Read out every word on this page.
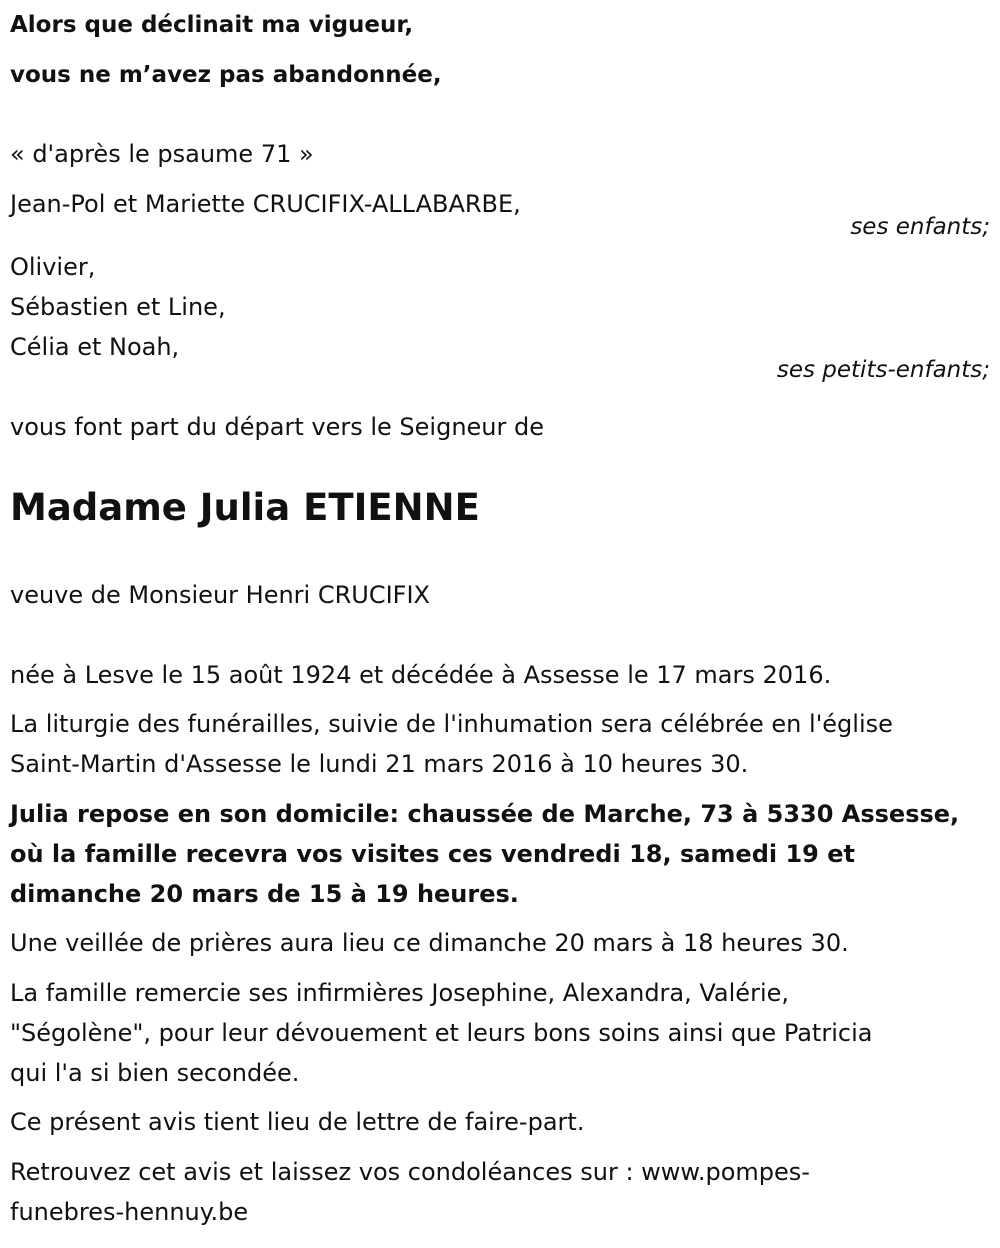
Alors que déclinait ma vigueur,
vous ne m’avez pas abandonnée,
« d'après le psaume 71 »
Jean-Pol et Mariette CRUCIFIX-ALLABARBE,
ses enfants;
Olivier,
Sébastien et Line,
Célia et Noah,
ses petits-enfants;
vous font part du départ vers le Seigneur de
Madame Julia ETIENNE
veuve de Monsieur Henri CRUCIFIX
née à Lesve le 15 août 1924 et décédée à Assesse le 17 mars 2016.
La liturgie des funérailles, suivie de l'inhumation sera célébrée en l'église
Saint-Martin d'Assesse le lundi 21 mars 2016 à 10 heures 30.
Julia repose en son domicile: chaussée de Marche, 73 à 5330 Assesse,
où la famille recevra vos visites ces vendredi 18, samedi 19 et
dimanche 20 mars de 15 à 19 heures.
Une veillée de prières aura lieu ce dimanche 20 mars à 18 heures 30.
La famille remercie ses infirmières Josephine, Alexandra, Valérie,
"Ségolène", pour leur dévouement et leurs bons soins ainsi que Patricia
qui l'a si bien secondée.
Ce présent avis tient lieu de lettre de faire-part.
Retrouvez cet avis et laissez vos condoléances sur : www.pompes-
funebres-hennuy.be
